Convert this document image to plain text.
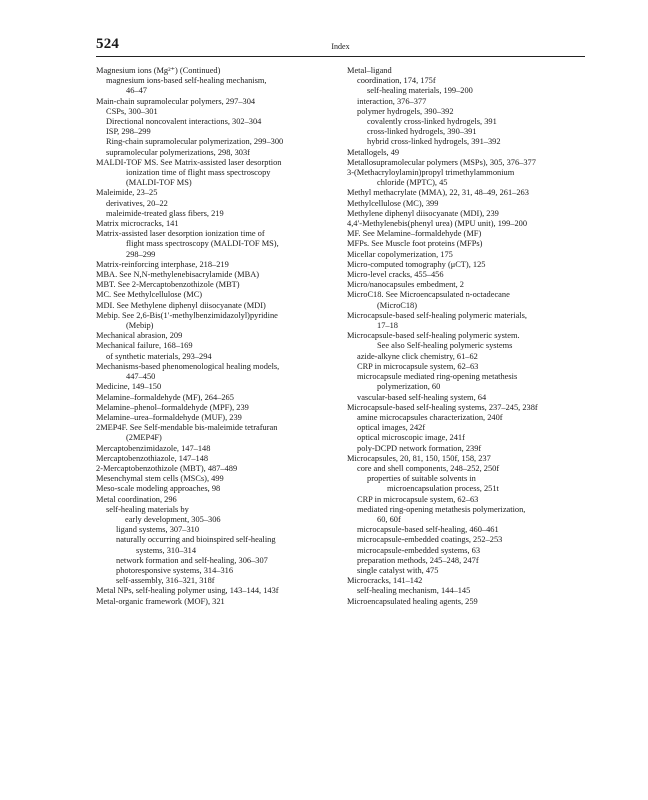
524	Index
Magnesium ions (Mg²⁺) (Continued)
magnesium ions-based self-healing mechanism,
46–47
Main-chain supramolecular polymers, 297–304
CSPs, 300–301
Directional noncovalent interactions, 302–304
ISP, 298–299
Ring-chain supramolecular polymerization, 299–300
supramolecular polymerizations, 298, 303f
MALDI-TOF MS. See Matrix-assisted laser desorption
ionization time of flight mass spectroscopy
(MALDI-TOF MS)
Maleimide, 23–25
derivatives, 20–22
maleimide-treated glass fibers, 219
Matrix microcracks, 141
Matrix-assisted laser desorption ionization time of
flight mass spectroscopy (MALDI-TOF MS),
298–299
Matrix-reinforcing interphase, 218–219
MBA. See N,N-methylenebisacrylamide (MBA)
MBT. See 2-Mercaptobenzothizole (MBT)
MC. See Methylcellulose (MC)
MDI. See Methylene diphenyl diisocyanate (MDI)
Mebip. See 2,6-Bis(1′-methylbenzimidazolyl)pyridine
(Mebip)
Mechanical abrasion, 209
Mechanical failure, 168–169
of synthetic materials, 293–294
Mechanisms-based phenomenological healing models,
447–450
Medicine, 149–150
Melamine–formaldehyde (MF), 264–265
Melamine–phenol–formaldehyde (MPF), 239
Melamine–urea–formaldehyde (MUF), 239
2MEP4F. See Self-mendable bis-maleimide tetrafuran
(2MEP4F)
Mercaptobenzimidazole, 147–148
Mercaptobenzothiazole, 147–148
2-Mercaptobenzothizole (MBT), 487–489
Mesenchymal stem cells (MSCs), 499
Meso-scale modeling approaches, 98
Metal coordination, 296
self-healing materials by
early development, 305–306
ligand systems, 307–310
naturally occurring and bioinspired self-healing
systems, 310–314
network formation and self-healing, 306–307
photoresponsive systems, 314–316
self-assembly, 316–321, 318f
Metal NPs, self-healing polymer using, 143–144, 143f
Metal-organic framework (MOF), 321
Metal–ligand
coordination, 174, 175f
self-healing materials, 199–200
interaction, 376–377
polymer hydrogels, 390–392
covalently cross-linked hydrogels, 391
cross-linked hydrogels, 390–391
hybrid cross-linked hydrogels, 391–392
Metallogels, 49
Metallosupramolecular polymers (MSPs), 305, 376–377
3-(Methacryloylamin)propyl trimethylammonium
chloride (MPTC), 45
Methyl methacrylate (MMA), 22, 31, 48–49, 261–263
Methylcellulose (MC), 399
Methylene diphenyl diisocyanate (MDI), 239
4,4′-Methylenebis(phenyl urea) (MPU unit), 199–200
MF. See Melamine–formaldehyde (MF)
MFPs. See Muscle foot proteins (MFPs)
Micellar copolymerization, 175
Micro-computed tomography (μCT), 125
Micro-level cracks, 455–456
Micro/nanocapsules embedment, 2
MicroC18. See Microencapsulated n-octadecane
(MicroC18)
Microcapsule-based self-healing polymeric materials,
17–18
Microcapsule-based self-healing polymeric system.
See also Self-healing polymeric systems
azide-alkyne click chemistry, 61–62
CRP in microcapsule system, 62–63
microcapsule mediated ring-opening metathesis
polymerization, 60
vascular-based self-healing system, 64
Microcapsule-based self-healing systems, 237–245, 238f
amine microcapsules characterization, 240f
optical images, 242f
optical microscopic image, 241f
poly-DCPD network formation, 239f
Microcapsules, 20, 81, 150, 150f, 158, 237
core and shell components, 248–252, 250f
properties of suitable solvents in
microencapsulation process, 251t
CRP in microcapsule system, 62–63
mediated ring-opening metathesis polymerization,
60, 60f
microcapsule-based self-healing, 460–461
microcapsule-embedded coatings, 252–253
microcapsule-embedded systems, 63
preparation methods, 245–248, 247f
single catalyst with, 475
Microcracks, 141–142
self-healing mechanism, 144–145
Microencapsulated healing agents, 259
